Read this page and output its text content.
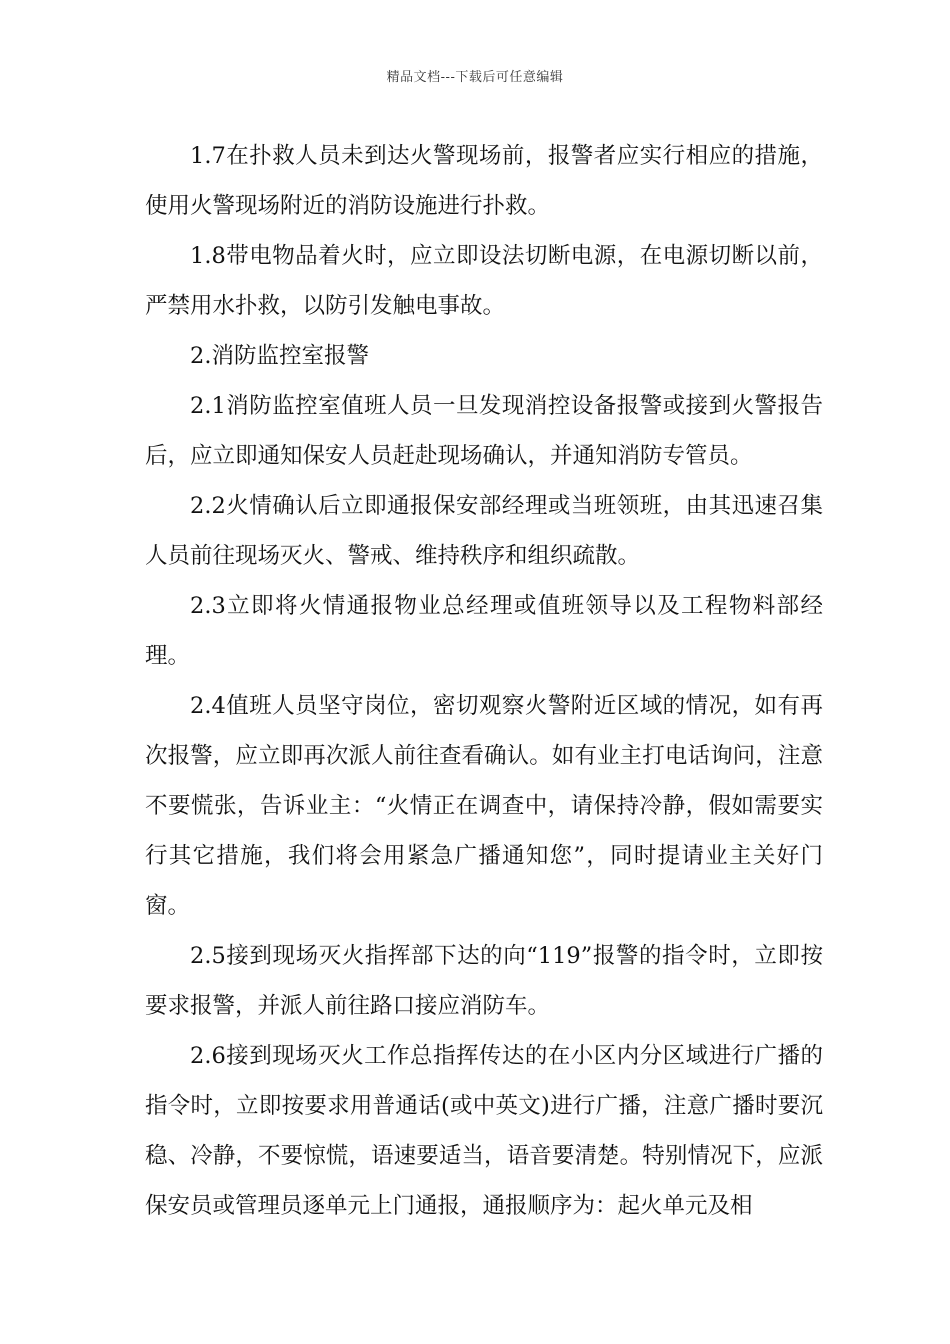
精品文档---下载后可任意编辑

1.7在扑救人员未到达火警现场前，报警者应实行相应的措施，使用火警现场附近的消防设施进行扑救。

1.8带电物品着火时，应立即设法切断电源，在电源切断以前，严禁用水扑救，以防引发触电事故。

2.消防监控室报警

2.1消防监控室值班人员一旦发现消控设备报警或接到火警报告后，应立即通知保安人员赶赴现场确认，并通知消防专管员。

2.2火情确认后立即通报保安部经理或当班领班，由其迅速召集人员前往现场灭火、警戒、维持秩序和组织疏散。

2.3立即将火情通报物业总经理或值班领导以及工程物料部经理。

2.4值班人员坚守岗位，密切观察火警附近区域的情况，如有再次报警，应立即再次派人前往查看确认。如有业主打电话询问，注意不要慌张，告诉业主：“火情正在调查中，请保持冷静，假如需要实行其它措施，我们将会用紧急广播通知您”，同时提请业主关好门窗。

2.5接到现场灭火指挥部下达的向“119”报警的指令时，立即按要求报警，并派人前往路口接应消防车。

2.6接到现场灭火工作总指挥传达的在小区内分区域进行广播的指令时，立即按要求用普通话(或中英文)进行广播，注意广播时要沉稳、冷静，不要惊慌，语速要适当，语音要清楚。特别情况下，应派保安员或管理员逐单元上门通报，通报顺序为：起火单元及相
